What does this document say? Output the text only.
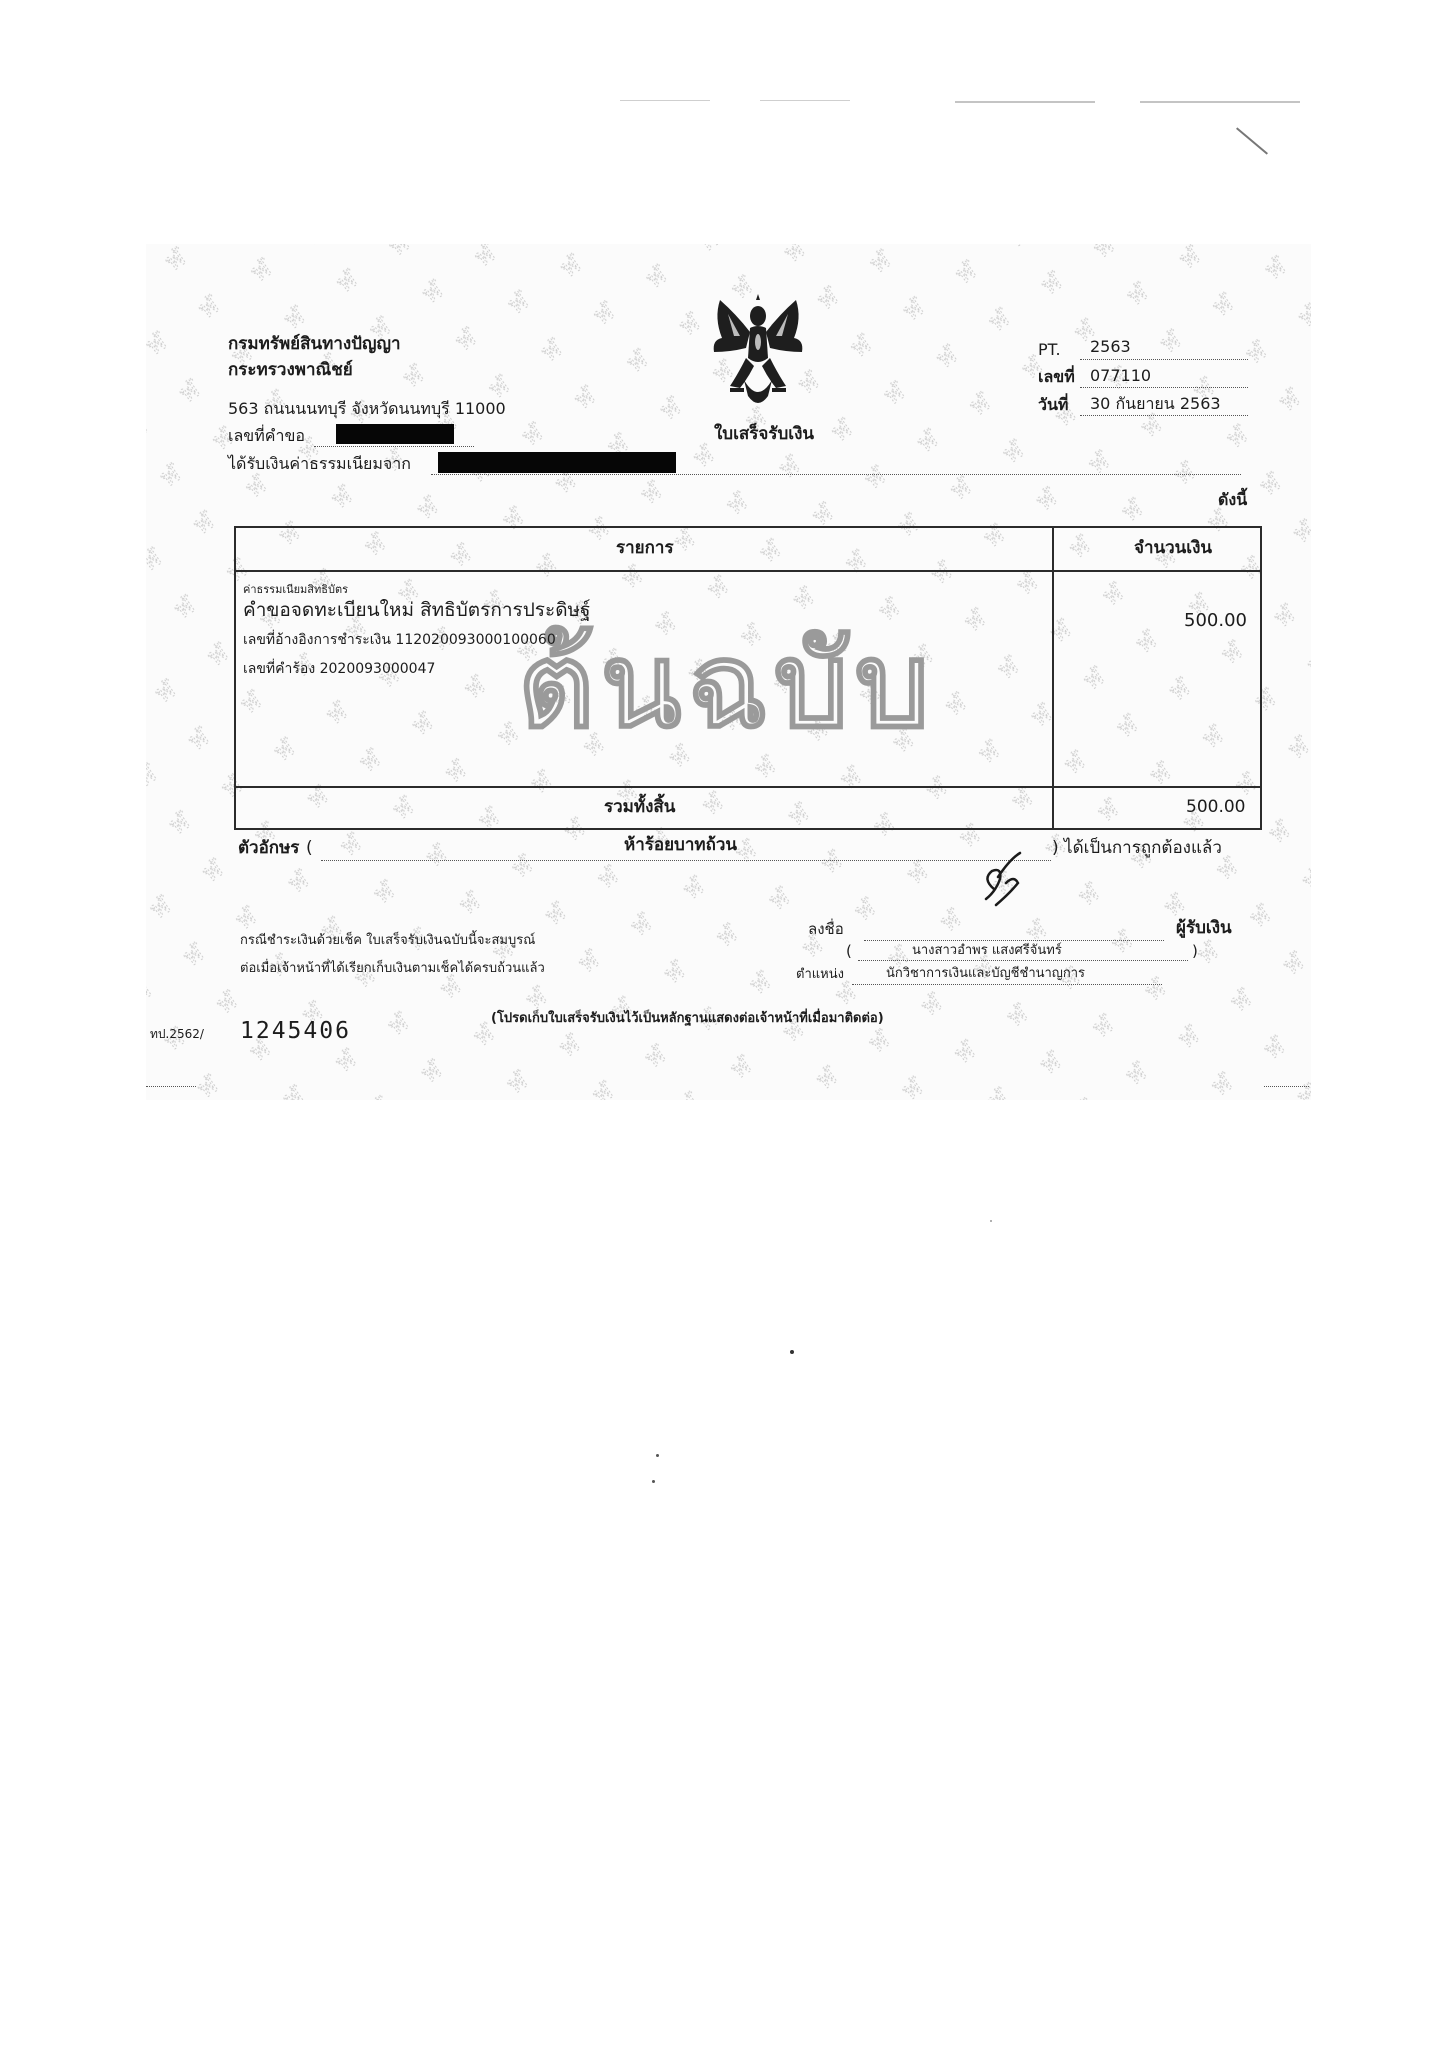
กรมทรัพย์สินทางปัญญา
กระทรวงพาณิชย์
563 ถนนนนทบุรี จังหวัดนนทบุรี 11000
เลขที่คำขอ
ได้รับเงินค่าธรรมเนียมจาก
ใบเสร็จรับเงิน
PT. 2563
เลขที่ 077110
วันที่ 30 กันยายน 2563
ดังนี้
รายการ	จำนวนเงิน
ต้นฉบับ
ค่าธรรมเนียมสิทธิบัตร
คำขอจดทะเบียนใหม่ สิทธิบัตรการประดิษฐ์
เลขที่อ้างอิงการชำระเงิน 112020093000100060
เลขที่คำร้อง 2020093000047
500.00
รวมทั้งสิ้น	500.00
ตัวอักษร (	ห้าร้อยบาทถ้วน	) ได้เป็นการถูกต้องแล้ว
ลงชื่อ	ผู้รับเงิน
(	นางสาวอำพร แสงศรีจันทร์	)
ตำแหน่ง	นักวิชาการเงินและบัญชีชำนาญการ
กรณีชำระเงินด้วยเช็ค ใบเสร็จรับเงินฉบับนี้จะสมบูรณ์
ต่อเมื่อเจ้าหน้าที่ได้เรียกเก็บเงินตามเช็คได้ครบถ้วนแล้ว
(โปรดเก็บใบเสร็จรับเงินไว้เป็นหลักฐานแสดงต่อเจ้าหน้าที่เมื่อมาติดต่อ)
ทป.2562/ 1245406
